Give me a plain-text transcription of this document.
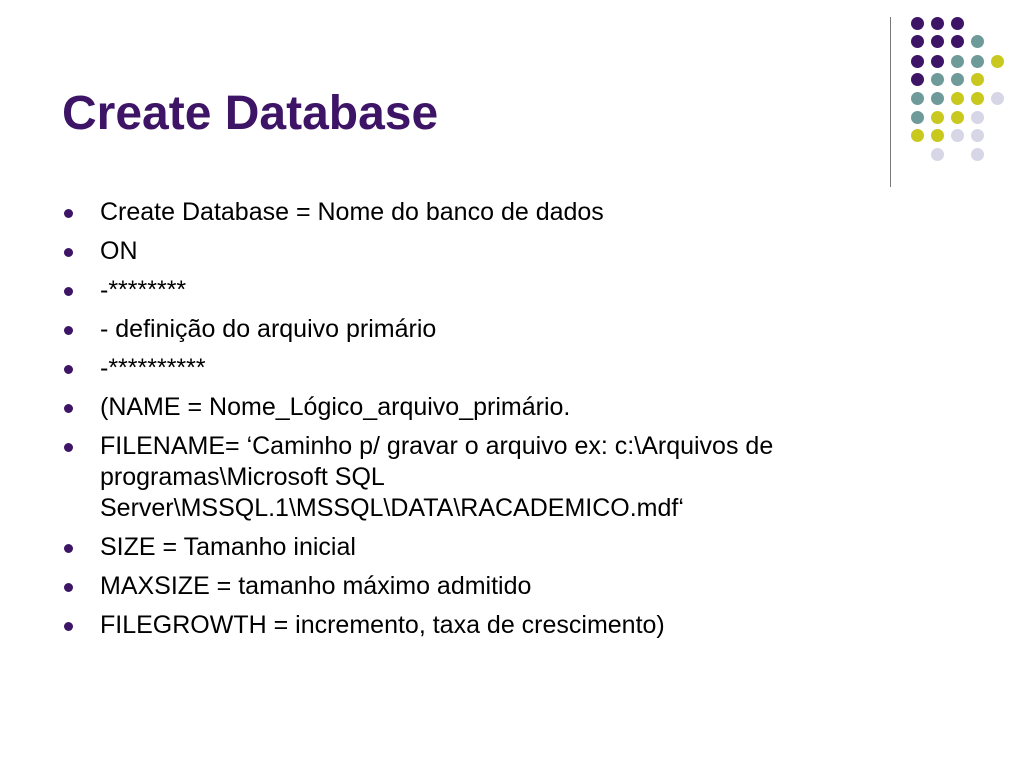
Create Database
Create Database = Nome do banco de dados
ON
-********
- definição do arquivo primário
-**********
(NAME = Nome_Lógico_arquivo_primário.
FILENAME= ‘Caminho p/ gravar o arquivo ex: c:\Arquivos de programas\Microsoft SQL Server\MSSQL.1\MSSQL\DATA\RACADEMICO.mdf‘
SIZE = Tamanho inicial
MAXSIZE = tamanho máximo admitido
FILEGROWTH = incremento, taxa de crescimento)
